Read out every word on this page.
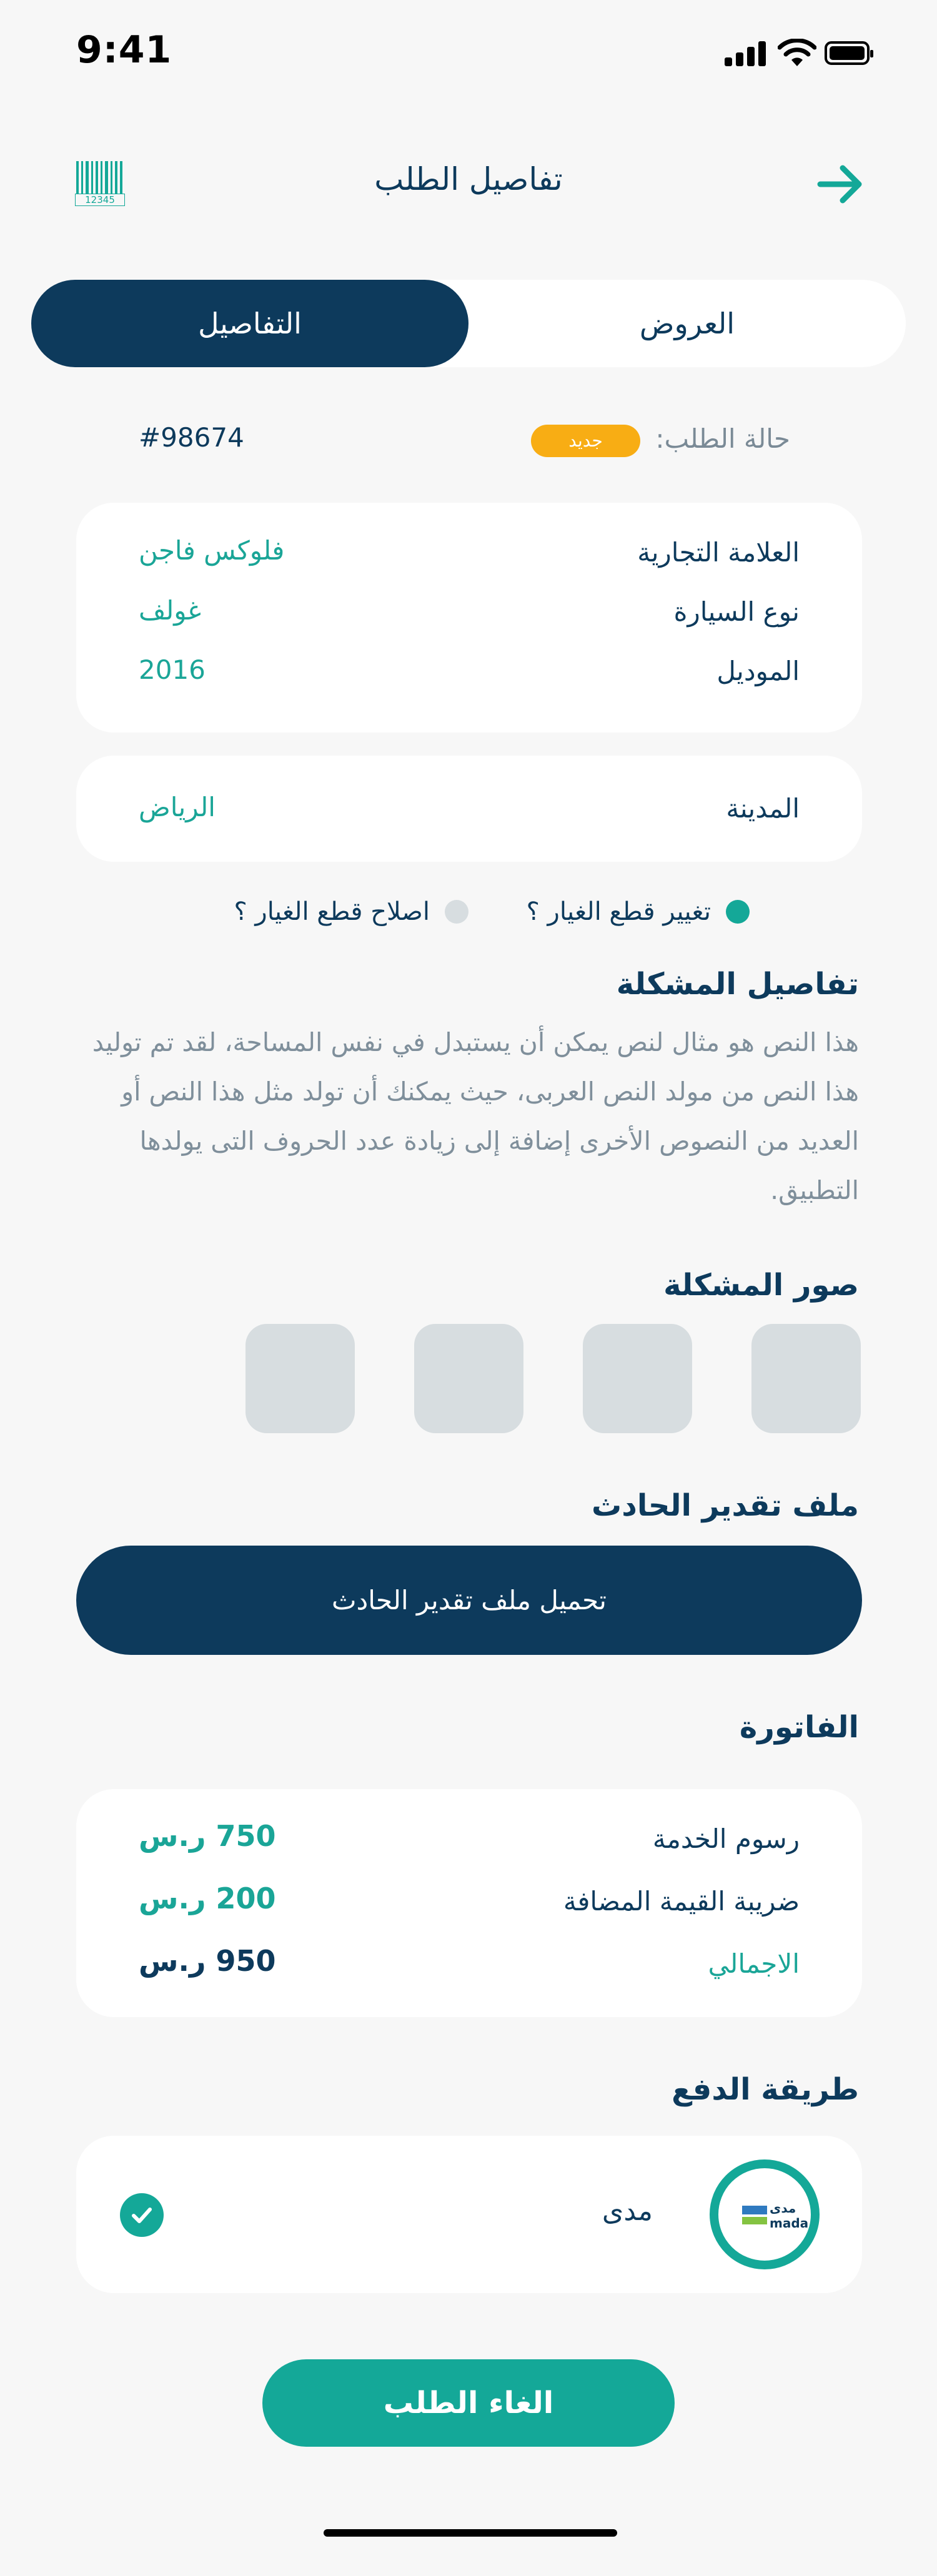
9:41
12345
تفاصيل الطلب
التفاصيل	العروض
حالة الطلب:
جديد
#98674
العلامة التجارية
فلوكس فاجن
نوع السيارة
غولف
الموديل
2016
المدينة
الرياض
تغيير قطع الغيار ؟
اصلاح قطع الغيار ؟
تفاصيل المشكلة
هذا النص هو مثال لنص يمكن أن يستبدل في نفس المساحة، لقد تم توليد
هذا النص من مولد النص العربى، حيث يمكنك أن تولد مثل هذا النص أو
العديد من النصوص الأخرى إضافة إلى زيادة عدد الحروف التى يولدها
التطبيق.
صور المشكلة
ملف تقدير الحادث
تحميل ملف تقدير الحادث
الفاتورة
رسوم الخدمة
750 ر.س
ضريبة القيمة المضافة
200 ر.س
الاجمالي
950 ر.س
طريقة الدفع
مدى
mada
مدى
الغاء الطلب
